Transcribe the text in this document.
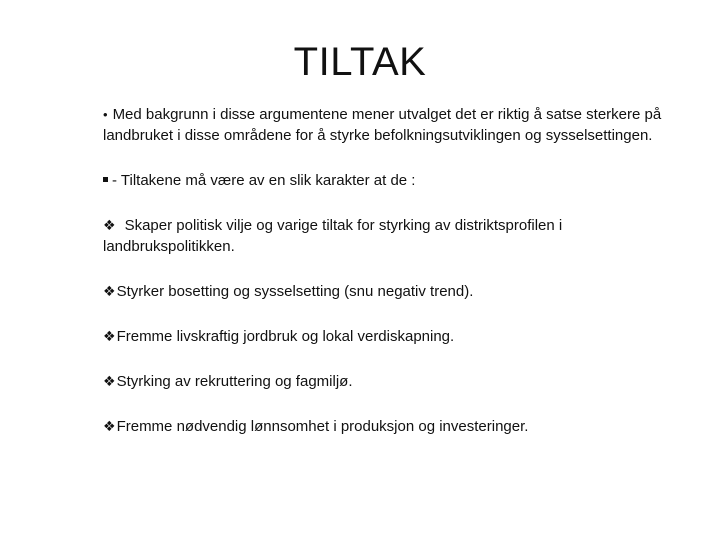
TILTAK

• Med bakgrunn i disse argumentene mener utvalget det er riktig å satse sterkere på landbruket i disse områdene for å styrke befolkningsutviklingen og sysselsettingen.

- Tiltakene må være av en slik karakter at de :

❖ Skaper politisk vilje og varige tiltak for styrking av distriktsprofilen i landbrukspolitikken.

❖Styrker bosetting og sysselsetting (snu negativ trend).

❖Fremme livskraftig jordbruk og lokal verdiskapning.

❖Styrking av rekruttering og fagmiljø.

❖Fremme nødvendig lønnsomhet i produksjon og investeringer.
